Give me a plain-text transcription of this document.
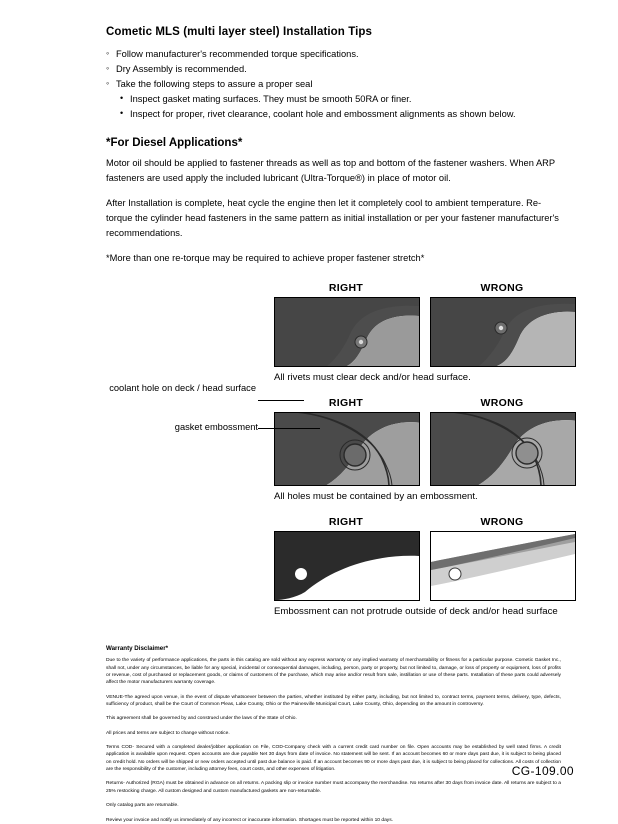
Cometic MLS (multi layer steel) Installation Tips
◦ Follow manufacturer's recommended torque specifications.
◦ Dry Assembly is recommended.
◦ Take the following steps to assure a proper seal
• Inspect gasket mating surfaces. They must be smooth 50RA or finer.
• Inspect for proper, rivet clearance, coolant hole and embossment alignments as shown below.
*For Diesel Applications*

Motor oil should be applied to fastener threads as well as top and bottom of the fastener washers. When ARP fasteners are used apply the included lubricant (Ultra-Torque®) in place of motor oil.

After Installation is complete, heat cycle the engine then let it completely cool to ambient temperature. Re-torque the cylinder head fasteners in the same pattern as initial installation or per your fastener manufacturer's recommendations.

*More than one re-torque may be required to achieve proper fastener stretch*

RIGHT	WRONG
All rivets must clear deck and/or head surface.
RIGHT	WRONG
All holes must be contained by an embossment.
coolant hole on deck / head surface
gasket embossment
RIGHT	WRONG
Embossment can not protrude outside of deck and/or head surface
Warranty Disclaimer*

Due to the variety of performance applications, the parts in this catalog are sold without any express warranty or any implied warranty of merchantability or fitness for a particular purpose. Cometic Gasket Inc., shall not, under any circumstances, be liable for any special, incidental or consequential damages, including, person, party or property, but not limited to, damage, or loss of property or equipment, loss of profits or revenue, cost of purchased or replacement goods, or claims of customers of the purchase, which may arise and/or result from sale, instillation or use of these parts. Installation of these parts could adversely affect the motor manufacturers warranty coverage.

VENUE-The agreed upon venue, in the event of dispute whatsoever between the parties, whether instituted by either party, including, but not limited to, contract terms, payment terms, delivery, type, defects, sufficiency of product, shall be the Court of Common Pleas, Lake County, Ohio or the Painesville Municipal Court, Lake County, Ohio, depending on the amount in controversy.

This agreement shall be governed by and construed under the laws of the State of Ohio.

All prices and terms are subject to change without notice.

Terms COD- Secured with a completed dealer/jobber application on File, COD-Company check with a current credit card number on file. Open accounts may be established by well rated firms. A credit application is available upon request. Open accounts are due payable Net 30 days from date of invoice. No statement will be sent. If an account becomes 60 or more days past due, it is subject to being placed on credit hold. No orders will be shipped or new orders accepted until past due balance is paid. If an account becomes 90 or more days past due, it is subject to being placed for collections. All costs of collection are the responsibility of the customer, including attorney fees, court costs, and other expenses of litigation.

Returns- Authorized (RGA) must be obtained in advance on all returns. A packing slip or invoice number must accompany the merchandise. No returns after 30 days from invoice date. All returns are subject to a 25% restocking charge. All custom designed and custom manufactured gaskets are non-returnable.

Only catalog parts are returnable.

Review your invoice and notify us immediately of any incorrect or inaccurate information. Shortages must be reported within 10 days.

CG-109.00
